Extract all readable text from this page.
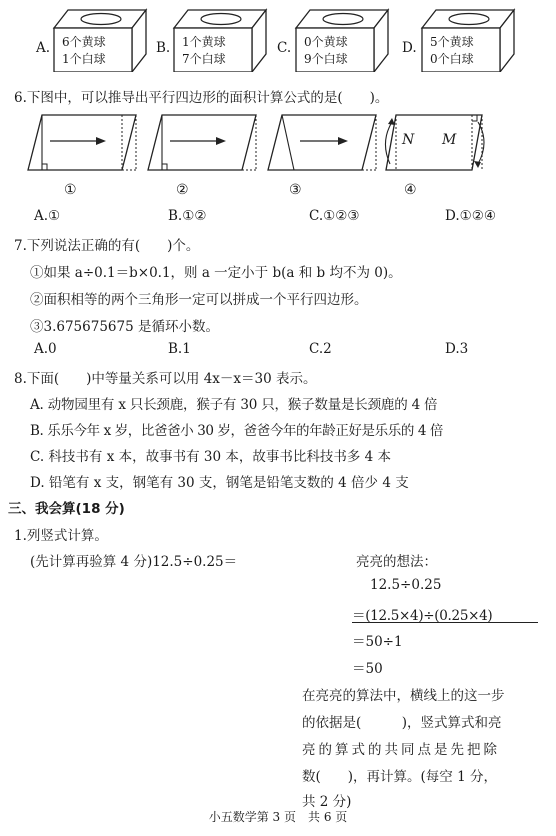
A.	B.	C.	D.
6个黄球
1个白球
1个黄球
7个白球
0个黄球
9个白球
5个黄球
0个白球
6.下图中，可以推导出平行四边形的面积计算公式的是(　　)。
N M
①	②	③	④
A.①	B.①②	C.①②③	D.①②④
7.下列说法正确的有(　　)个。
①如果 a÷0.1＝b×0.1，则 a 一定小于 b(a 和 b 均不为 0)。
②面积相等的两个三角形一定可以拼成一个平行四边形。
③3.675675675 是循环小数。
A.0	B.1	C.2	D.3
8.下面(　　)中等量关系可以用 4x－x＝30 表示。
A. 动物园里有 x 只长颈鹿，猴子有 30 只，猴子数量是长颈鹿的 4 倍
B. 乐乐今年 x 岁，比爸爸小 30 岁，爸爸今年的年龄正好是乐乐的 4 倍
C. 科技书有 x 本，故事书有 30 本，故事书比科技书多 4 本
D. 铅笔有 x 支，钢笔有 30 支，钢笔是铅笔支数的 4 倍少 4 支
三、我会算(18 分)
1.列竖式计算。
(先计算再验算 4 分)12.5÷0.25＝	亮亮的想法：
12.5÷0.25
＝(12.5×4)÷(0.25×4)
＝50÷1
＝50
在亮亮的算法中，横线上的这一步
的依据是(　　　)，竖式算式和亮
亮的算式的共同点是先把除
数(　　)，再计算。(每空 1 分，
共 2 分)
小五数学第 3 页　共 6 页
